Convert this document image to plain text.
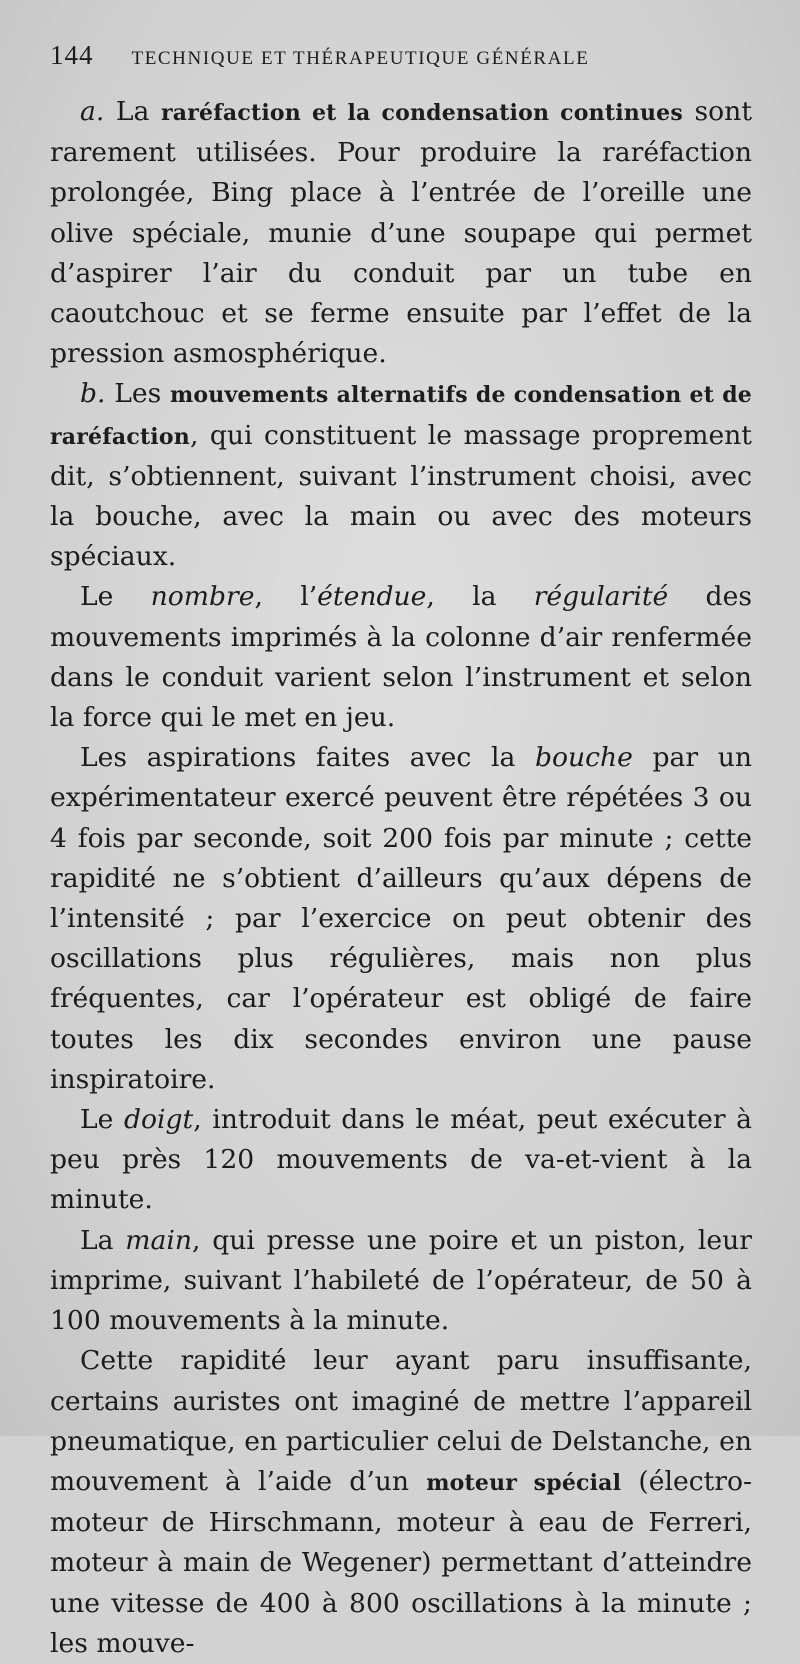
144 TECHNIQUE ET THÉRAPEUTIQUE GÉNÉRALE

a. La raréfaction et la condensation continues sont rarement utilisées. Pour produire la raréfaction prolongée, Bing place à l’entrée de l’oreille une olive spéciale, munie d’une soupape qui permet d’aspirer l’air du conduit par un tube en caoutchouc et se ferme ensuite par l’effet de la pression asmosphérique.

b. Les mouvements alternatifs de condensation et de raréfaction, qui constituent le massage proprement dit, s’obtiennent, suivant l’instrument choisi, avec la bouche, avec la main ou avec des moteurs spéciaux.

Le nombre, l’étendue, la régularité des mouvements imprimés à la colonne d’air renfermée dans le conduit varient selon l’instrument et selon la force qui le met en jeu.

Les aspirations faites avec la bouche par un expérimentateur exercé peuvent être répétées 3 ou 4 fois par seconde, soit 200 fois par minute ; cette rapidité ne s’obtient d’ailleurs qu’aux dépens de l’intensité ; par l’exercice on peut obtenir des oscillations plus régulières, mais non plus fréquentes, car l’opérateur est obligé de faire toutes les dix secondes environ une pause inspiratoire.

Le doigt, introduit dans le méat, peut exécuter à peu près 120 mouvements de va-et-vient à la minute.

La main, qui presse une poire et un piston, leur imprime, suivant l’habileté de l’opérateur, de 50 à 100 mouvements à la minute.

Cette rapidité leur ayant paru insuffisante, certains auristes ont imaginé de mettre l’appareil pneumatique, en particulier celui de Delstanche, en mouvement à l’aide d’un moteur spécial (électro-moteur de Hirschmann, moteur à eau de Ferreri, moteur à main de Wegener) permettant d’atteindre une vitesse de 400 à 800 oscillations à la minute ; les mouve-
